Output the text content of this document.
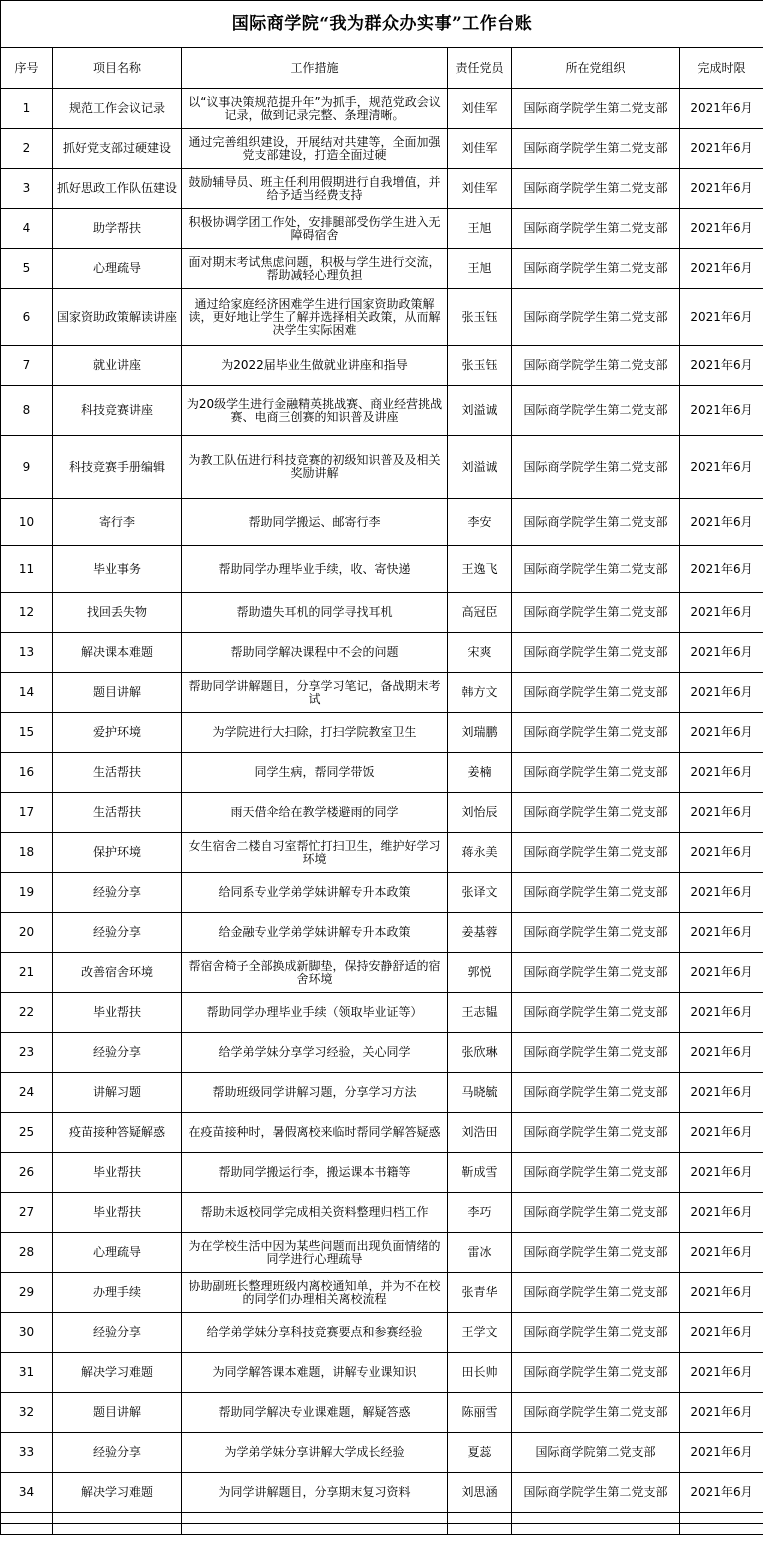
国际商学院“我为群众办实事”工作台账					
序号	项目名称	工作措施	责任党员	所在党组织	完成时限
1	规范工作会议记录	以“议事决策规范提升年”为抓手，规范党政会议记录，做到记录完整、条理清晰。	刘佳军	国际商学院学生第二党支部	2021年6月
2	抓好党支部过硬建设	通过完善组织建设，开展结对共建等，全面加强党支部建设，打造全面过硬	刘佳军	国际商学院学生第二党支部	2021年6月
3	抓好思政工作队伍建设	鼓励辅导员、班主任利用假期进行自我增值，并给予适当经费支持	刘佳军	国际商学院学生第二党支部	2021年6月
4	助学帮扶	积极协调学团工作处，安排腿部受伤学生进入无障碍宿舍	王旭	国际商学院学生第二党支部	2021年6月
5	心理疏导	面对期末考试焦虑问题，积极与学生进行交流，帮助减轻心理负担	王旭	国际商学院学生第二党支部	2021年6月
6	国家资助政策解读讲座	通过给家庭经济困难学生进行国家资助政策解读，更好地让学生了解并选择相关政策，从而解决学生实际困难	张玉钰	国际商学院学生第二党支部	2021年6月
7	就业讲座	为2022届毕业生做就业讲座和指导	张玉钰	国际商学院学生第二党支部	2021年6月
8	科技竞赛讲座	为20级学生进行金融精英挑战赛、商业经营挑战赛、电商三创赛的知识普及讲座	刘溢诚	国际商学院学生第二党支部	2021年6月
9	科技竞赛手册编辑	为教工队伍进行科技竞赛的初级知识普及及相关奖励讲解	刘溢诚	国际商学院学生第二党支部	2021年6月
10	寄行李	帮助同学搬运、邮寄行李	李安	国际商学院学生第二党支部	2021年6月
11	毕业事务	帮助同学办理毕业手续，收、寄快递	王逸飞	国际商学院学生第二党支部	2021年6月
12	找回丢失物	帮助遗失耳机的同学寻找耳机	高冠臣	国际商学院学生第二党支部	2021年6月
13	解决课本难题	帮助同学解决课程中不会的问题	宋爽	国际商学院学生第二党支部	2021年6月
14	题目讲解	帮助同学讲解题目，分享学习笔记，备战期末考试	韩方文	国际商学院学生第二党支部	2021年6月
15	爱护环境	为学院进行大扫除，打扫学院教室卫生	刘瑞鹏	国际商学院学生第二党支部	2021年6月
16	生活帮扶	同学生病，帮同学带饭	姜楠	国际商学院学生第二党支部	2021年6月
17	生活帮扶	雨天借伞给在教学楼避雨的同学	刘怡辰	国际商学院学生第二党支部	2021年6月
18	保护环境	女生宿舍二楼自习室帮忙打扫卫生，维护好学习环境	蒋永美	国际商学院学生第二党支部	2021年6月
19	经验分享	给同系专业学弟学妹讲解专升本政策	张译文	国际商学院学生第二党支部	2021年6月
20	经验分享	给金融专业学弟学妹讲解专升本政策	姜基蓉	国际商学院学生第二党支部	2021年6月
21	改善宿舍环境	帮宿舍椅子全部换成新脚垫，保持安静舒适的宿舍环境	郭悦	国际商学院学生第二党支部	2021年6月
22	毕业帮扶	帮助同学办理毕业手续（领取毕业证等）	王志韫	国际商学院学生第二党支部	2021年6月
23	经验分享	给学弟学妹分享学习经验，关心同学	张欣琳	国际商学院学生第二党支部	2021年6月
24	讲解习题	帮助班级同学讲解习题，分享学习方法	马晓毓	国际商学院学生第二党支部	2021年6月
25	疫苗接种答疑解惑	在疫苗接种时，暑假离校来临时帮同学解答疑惑	刘浩田	国际商学院学生第二党支部	2021年6月
26	毕业帮扶	帮助同学搬运行李，搬运课本书籍等	靳成雪	国际商学院学生第二党支部	2021年6月
27	毕业帮扶	帮助未返校同学完成相关资料整理归档工作	李巧	国际商学院学生第二党支部	2021年6月
28	心理疏导	为在学校生活中因为某些问题而出现负面情绪的同学进行心理疏导	雷冰	国际商学院学生第二党支部	2021年6月
29	办理手续	协助副班长整理班级内离校通知单，并为不在校的同学们办理相关离校流程	张青华	国际商学院学生第二党支部	2021年6月
30	经验分享	给学弟学妹分享科技竞赛要点和参赛经验	王学文	国际商学院学生第二党支部	2021年6月
31	解决学习难题	为同学解答课本难题，讲解专业课知识	田长帅	国际商学院学生第二党支部	2021年6月
32	题目讲解	帮助同学解决专业课难题，解疑答惑	陈丽雪	国际商学院学生第二党支部	2021年6月
33	经验分享	为学弟学妹分享讲解大学成长经验	夏蕊	国际商学院第二党支部	2021年6月
34	解决学习难题	为同学讲解题目，分享期末复习资料	刘思涵	国际商学院学生第二党支部	2021年6月
